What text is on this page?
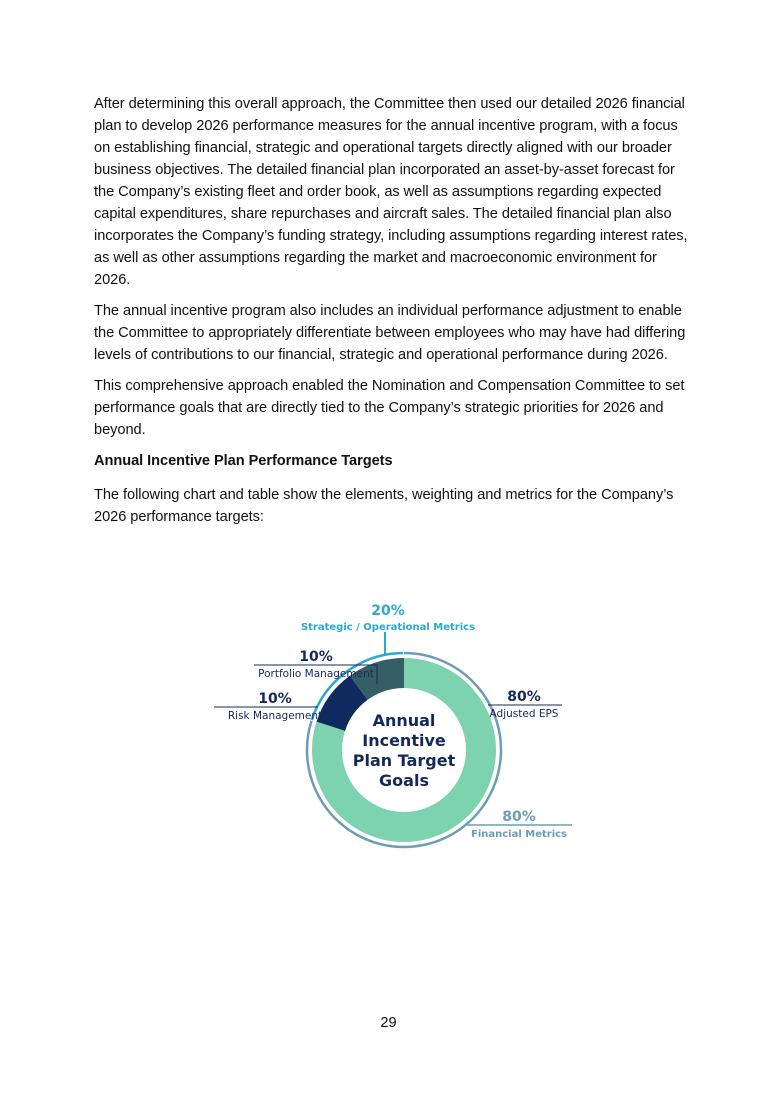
After determining this overall approach, the Committee then used our detailed 2026 financial plan to develop 2026 performance measures for the annual incentive program, with a focus on establishing financial, strategic and operational targets directly aligned with our broader business objectives. The detailed financial plan incorporated an asset-by-asset forecast for the Company’s existing fleet and order book, as well as assumptions regarding expected capital expenditures, share repurchases and aircraft sales. The detailed financial plan also incorporates the Company’s funding strategy, including assumptions regarding interest rates, as well as other assumptions regarding the market and macroeconomic environment for 2026.

The annual incentive program also includes an individual performance adjustment to enable the Committee to appropriately differentiate between employees who may have had differing levels of contributions to our financial, strategic and operational performance during 2026.

This comprehensive approach enabled the Nomination and Compensation Committee to set performance goals that are directly tied to the Company’s strategic priorities for 2026 and beyond.

Annual Incentive Plan Performance Targets

The following chart and table show the elements, weighting and metrics for the Company’s 2026 performance targets:

Annual
Incentive
Plan Target
Goals
80%
Adjusted EPS
10%
Risk Management
10%
Portfolio Management
20%
Strategic / Operational Metrics
80%
Financial Metrics
29
